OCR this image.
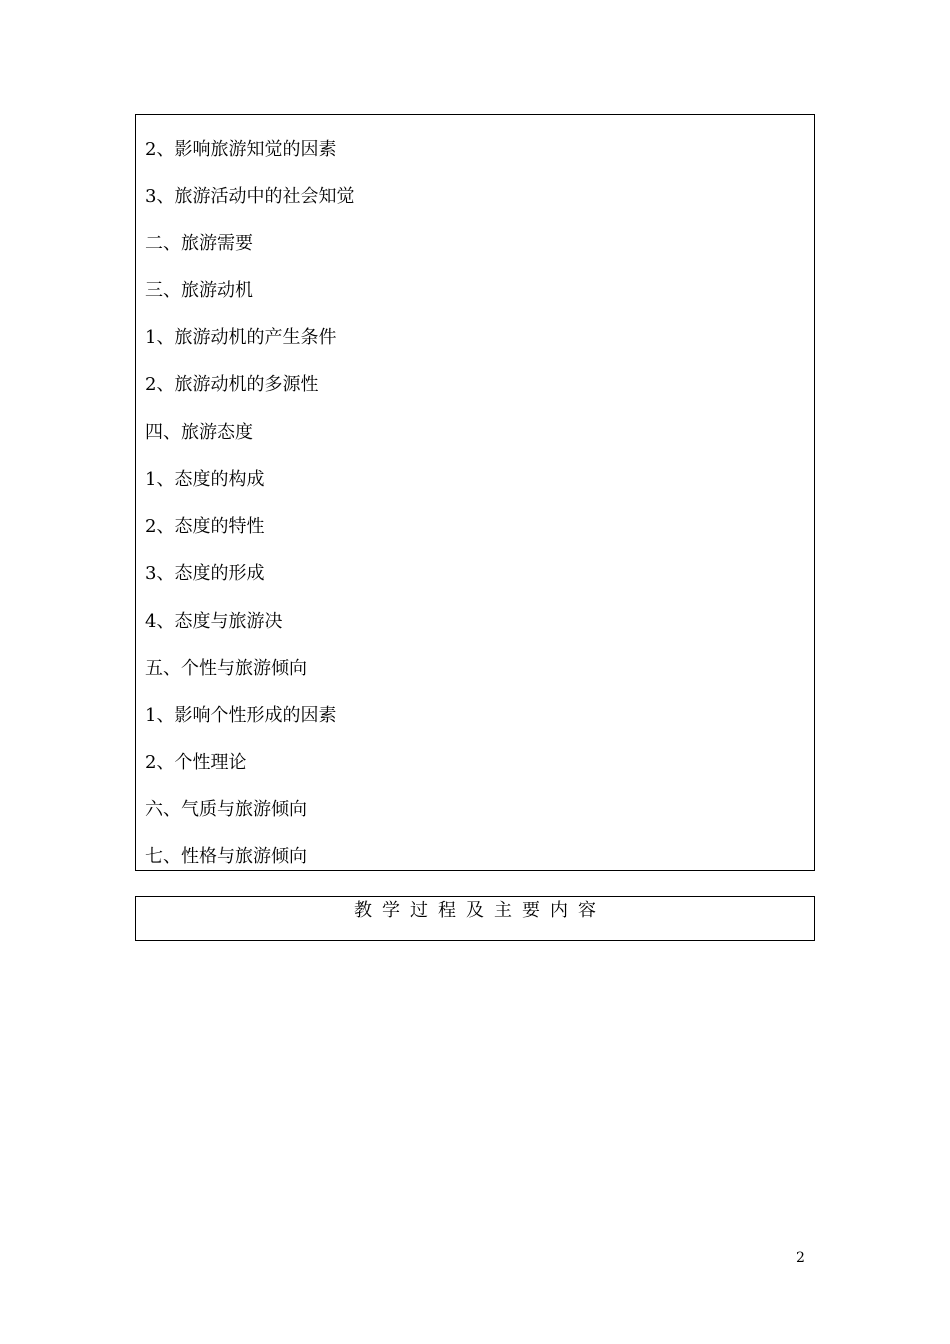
2、影响旅游知觉的因素
3、旅游活动中的社会知觉
二、旅游需要
三、旅游动机
1、旅游动机的产生条件
2、旅游动机的多源性
四、旅游态度
1、态度的构成
2、态度的特性
3、态度的形成
4、态度与旅游决
五、个性与旅游倾向
1、影响个性形成的因素
2、个性理论
六、气质与旅游倾向
七、性格与旅游倾向
教学过程及主要内容
2
